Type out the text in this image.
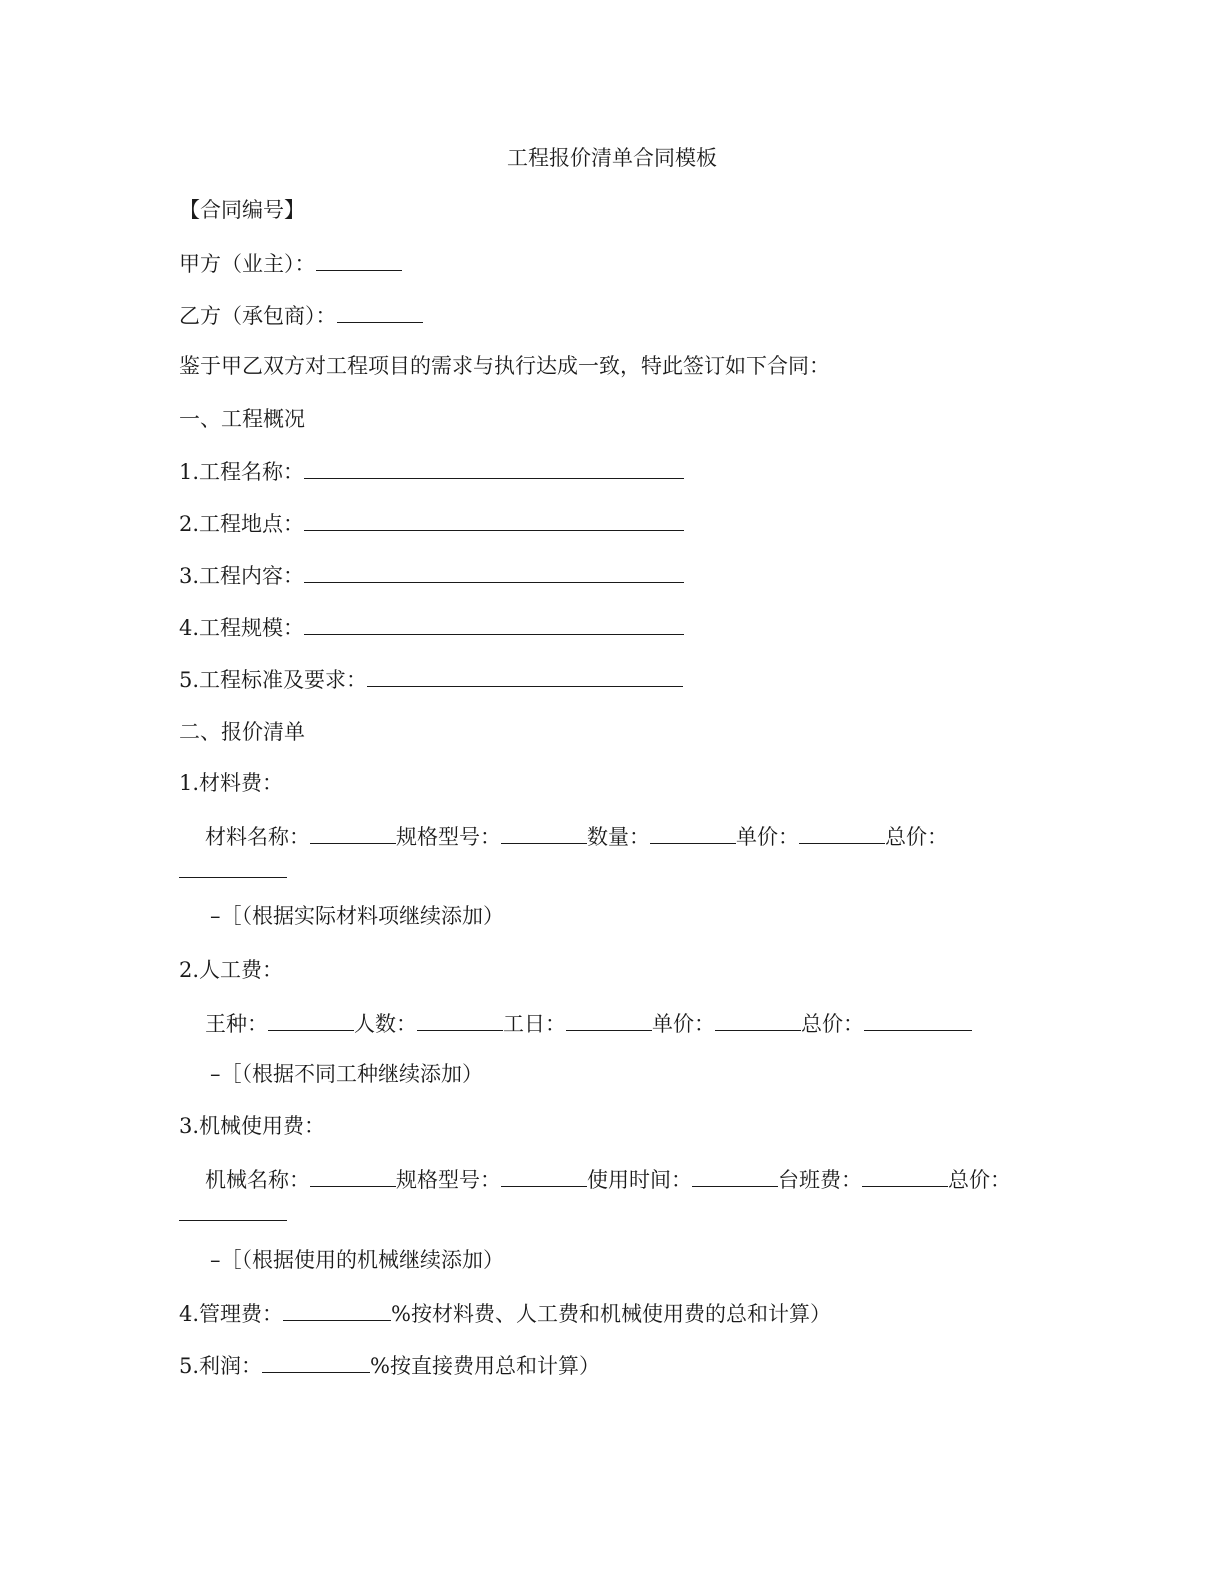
工程报价清单合同模板
【合同编号】
甲方（业主）：
乙方（承包商）：
鉴于甲乙双方对工程项目的需求与执行达成一致，特此签订如下合同：
一、工程概况
1.工程名称：
2.工程地点：
3.工程内容：
4.工程规模：
5.工程标准及要求：
二、报价清单
1.材料费：
材料名称：	规格型号：	数量：	单价：	总价：
–［（根据实际材料项继续添加）
2.人工费：
王种：	人数：	工日：	单价：	总价：
–［（根据不同工种继续添加）
3.机械使用费：
机械名称：	规格型号：	使用时间：	台班费：	总价：
–［（根据使用的机械继续添加）
4.管理费：	%按材料费、人工费和机械使用费的总和计算）
5.利润：	%按直接费用总和计算）
